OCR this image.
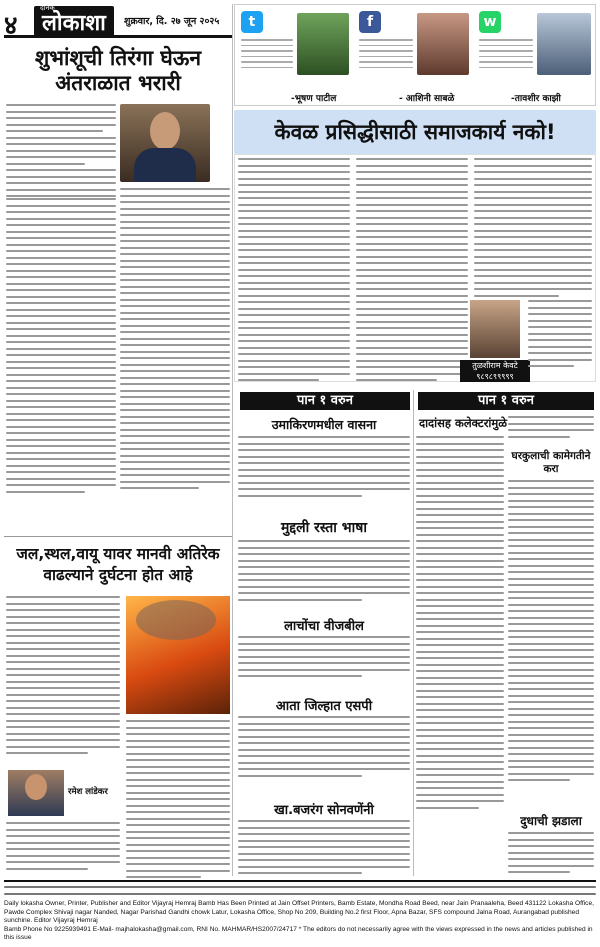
४	लोकाशा
दैनिक
शुक्रवार, दि. २७ जून २०२५
शुभांशूची तिरंगा घेऊन
अंतराळात भरारी
t
-भूषण पाटील
f
- आशिनी साबळे
w
-तावशीर काझी
केवळ प्रसिद्धीसाठी समाजकार्य नको!
तुळशीराम केवटे
९८९८९९९९९
पान १ वरुन	पान १ वरुन
उमाकिरणमधील वासना
मुद्दली रस्ता भाषा
लाचोंचा वीजबील
आता जिल्हात एसपी
खा.बजरंग सोनवणेंनी
दादांसह कलेक्टरांमुळे
घरकुलाची कामेगतीने करा
दुधाची झडाला
जल,स्थल,वायू यावर मानवी अतिरेक
वाढल्याने दुर्घटना होत आहे
रमेश लांडेकर
Daily lokasha Owner, Printer, Publisher and Editor Vijayraj Hemraj Bamb Has Been Printed at Jain Offset Printers, Bamb Estate, Mondha Road Beed, near Jain Pranaaleha, Beed 431122 Lokasha Office,
Pawde Complex Shivaji nagar Nanded, Nagar Parishad Gandhi chowk Latur, Lokasha Office, Shop No 209, Building No.2 first Floor, Apna Bazar, SFS compound Jalna Road, Aurangabad published sunchine. Editor Vijayraj Hemraj
Bamb Phone No 9225939491 E-Mail- majhalokasha@gmail.com, RNI No. MAHMAR/HS2007/24717 * The editors do not necessarily agree with the views expressed in the news and articles published in this issue
